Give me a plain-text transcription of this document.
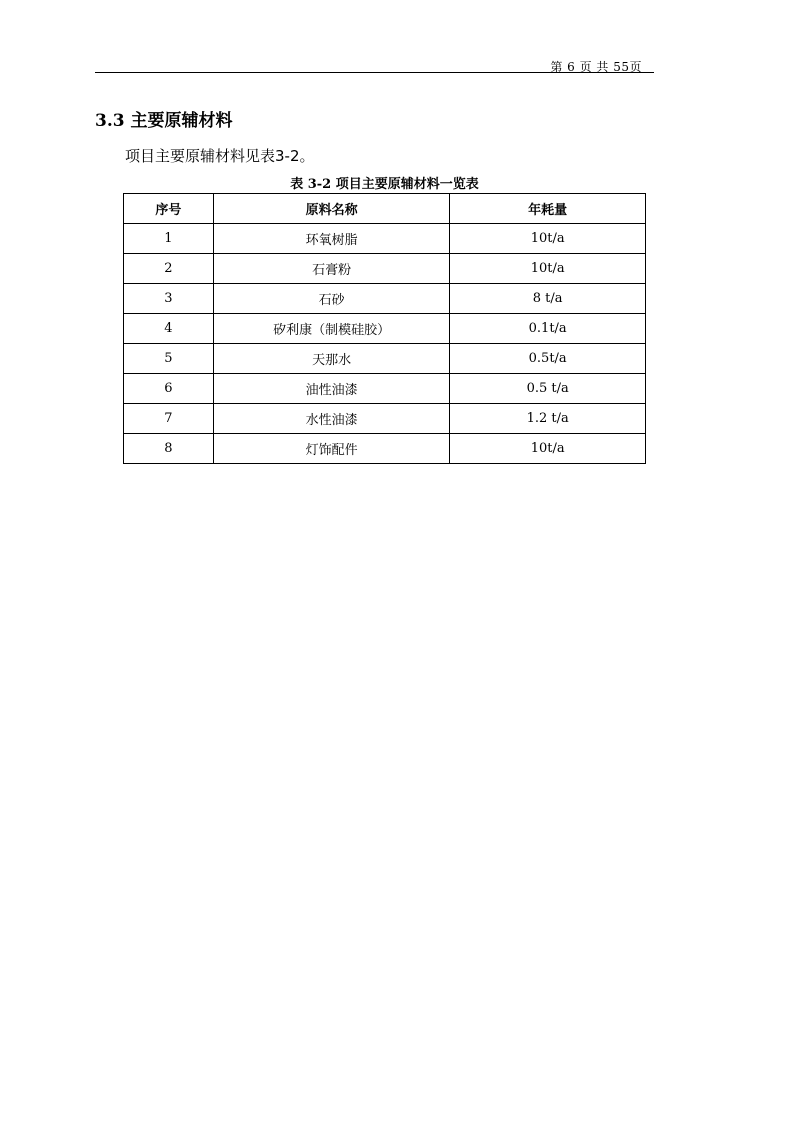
第 6 页 共 55页
3.3 主要原辅材料
项目主要原辅材料见表3-2。
表 3-2 项目主要原辅材料一览表
序号	原料名称	年耗量
1	环氧树脂	10t/a
2	石膏粉	10t/a
3	石砂	8 t/a
4	矽利康（制模硅胶）	0.1t/a
5	天那水	0.5t/a
6	油性油漆	0.5 t/a
7	水性油漆	1.2 t/a
8	灯饰配件	10t/a
